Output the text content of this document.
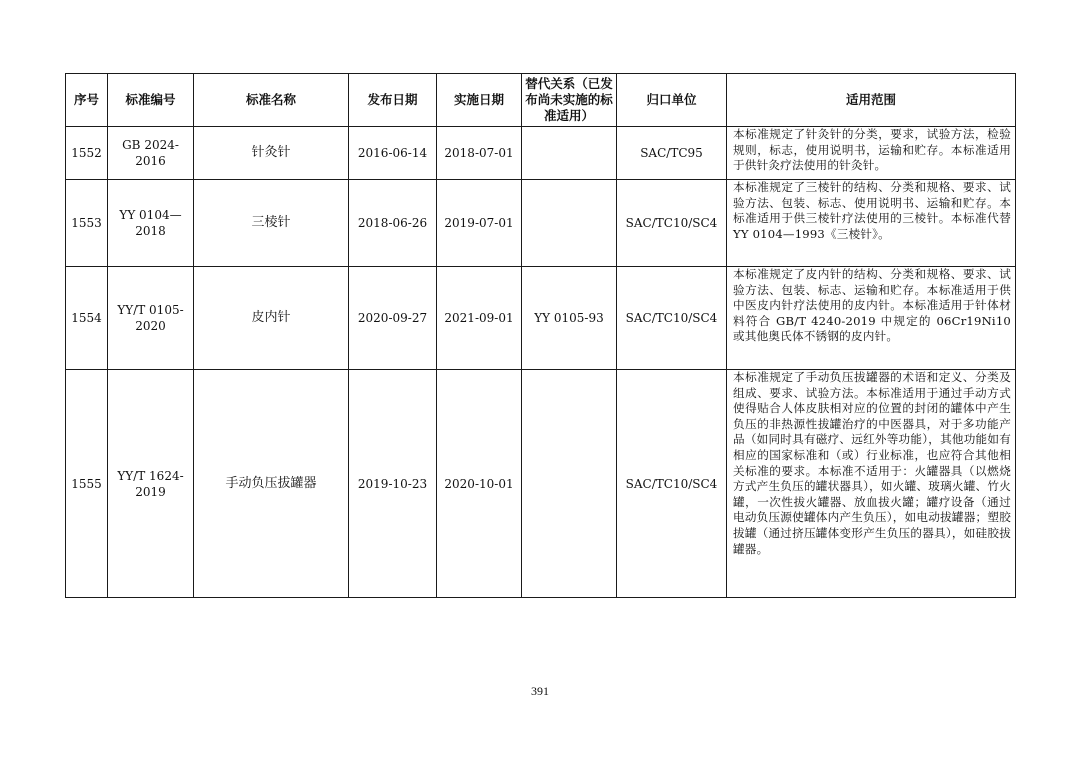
序号	标准编号	标准名称	发布日期	实施日期	替代关系（已发布尚未实施的标准适用）	归口单位	适用范围
1552	GB 2024-2016	针灸针	2016-06-14	2018-07-01		SAC/TC95	本标准规定了针灸针的分类，要求，试验方法，检验规则，标志，使用说明书，运输和贮存。本标准适用于供针灸疗法使用的针灸针。
1553	YY 0104—2018	三棱针	2018-06-26	2019-07-01		SAC/TC10/SC4	本标准规定了三棱针的结构、分类和规格、要求、试验方法、包装、标志、使用说明书、运输和贮存。本标准适用于供三棱针疗法使用的三棱针。本标准代替 YY 0104—1993《三棱针》。
1554	YY/T 0105-2020	皮内针	2020-09-27	2021-09-01	YY 0105-93	SAC/TC10/SC4	本标准规定了皮内针的结构、分类和规格、要求、试验方法、包装、标志、运输和贮存。本标准适用于供中医皮内针疗法使用的皮内针。本标准适用于针体材料符合 GB/T 4240-2019 中规定的 06Cr19Ni10 或其他奥氏体不锈钢的皮内针。
1555	YY/T 1624-2019	手动负压拔罐器	2019-10-23	2020-10-01		SAC/TC10/SC4	本标准规定了手动负压拔罐器的术语和定义、分类及组成、要求、试验方法。本标准适用于通过手动方式使得贴合人体皮肤相对应的位置的封闭的罐体中产生负压的非热源性拔罐治疗的中医器具，对于多功能产品（如同时具有磁疗、远红外等功能），其他功能如有相应的国家标准和（或）行业标准，也应符合其他相关标准的要求。本标准不适用于：火罐器具（以燃烧方式产生负压的罐状器具），如火罐、玻璃火罐、竹火罐，一次性拔火罐器、放血拔火罐；罐疗设备（通过电动负压源使罐体内产生负压），如电动拔罐器；塑胶拔罐（通过挤压罐体变形产生负压的器具），如硅胶拔罐器。
391
